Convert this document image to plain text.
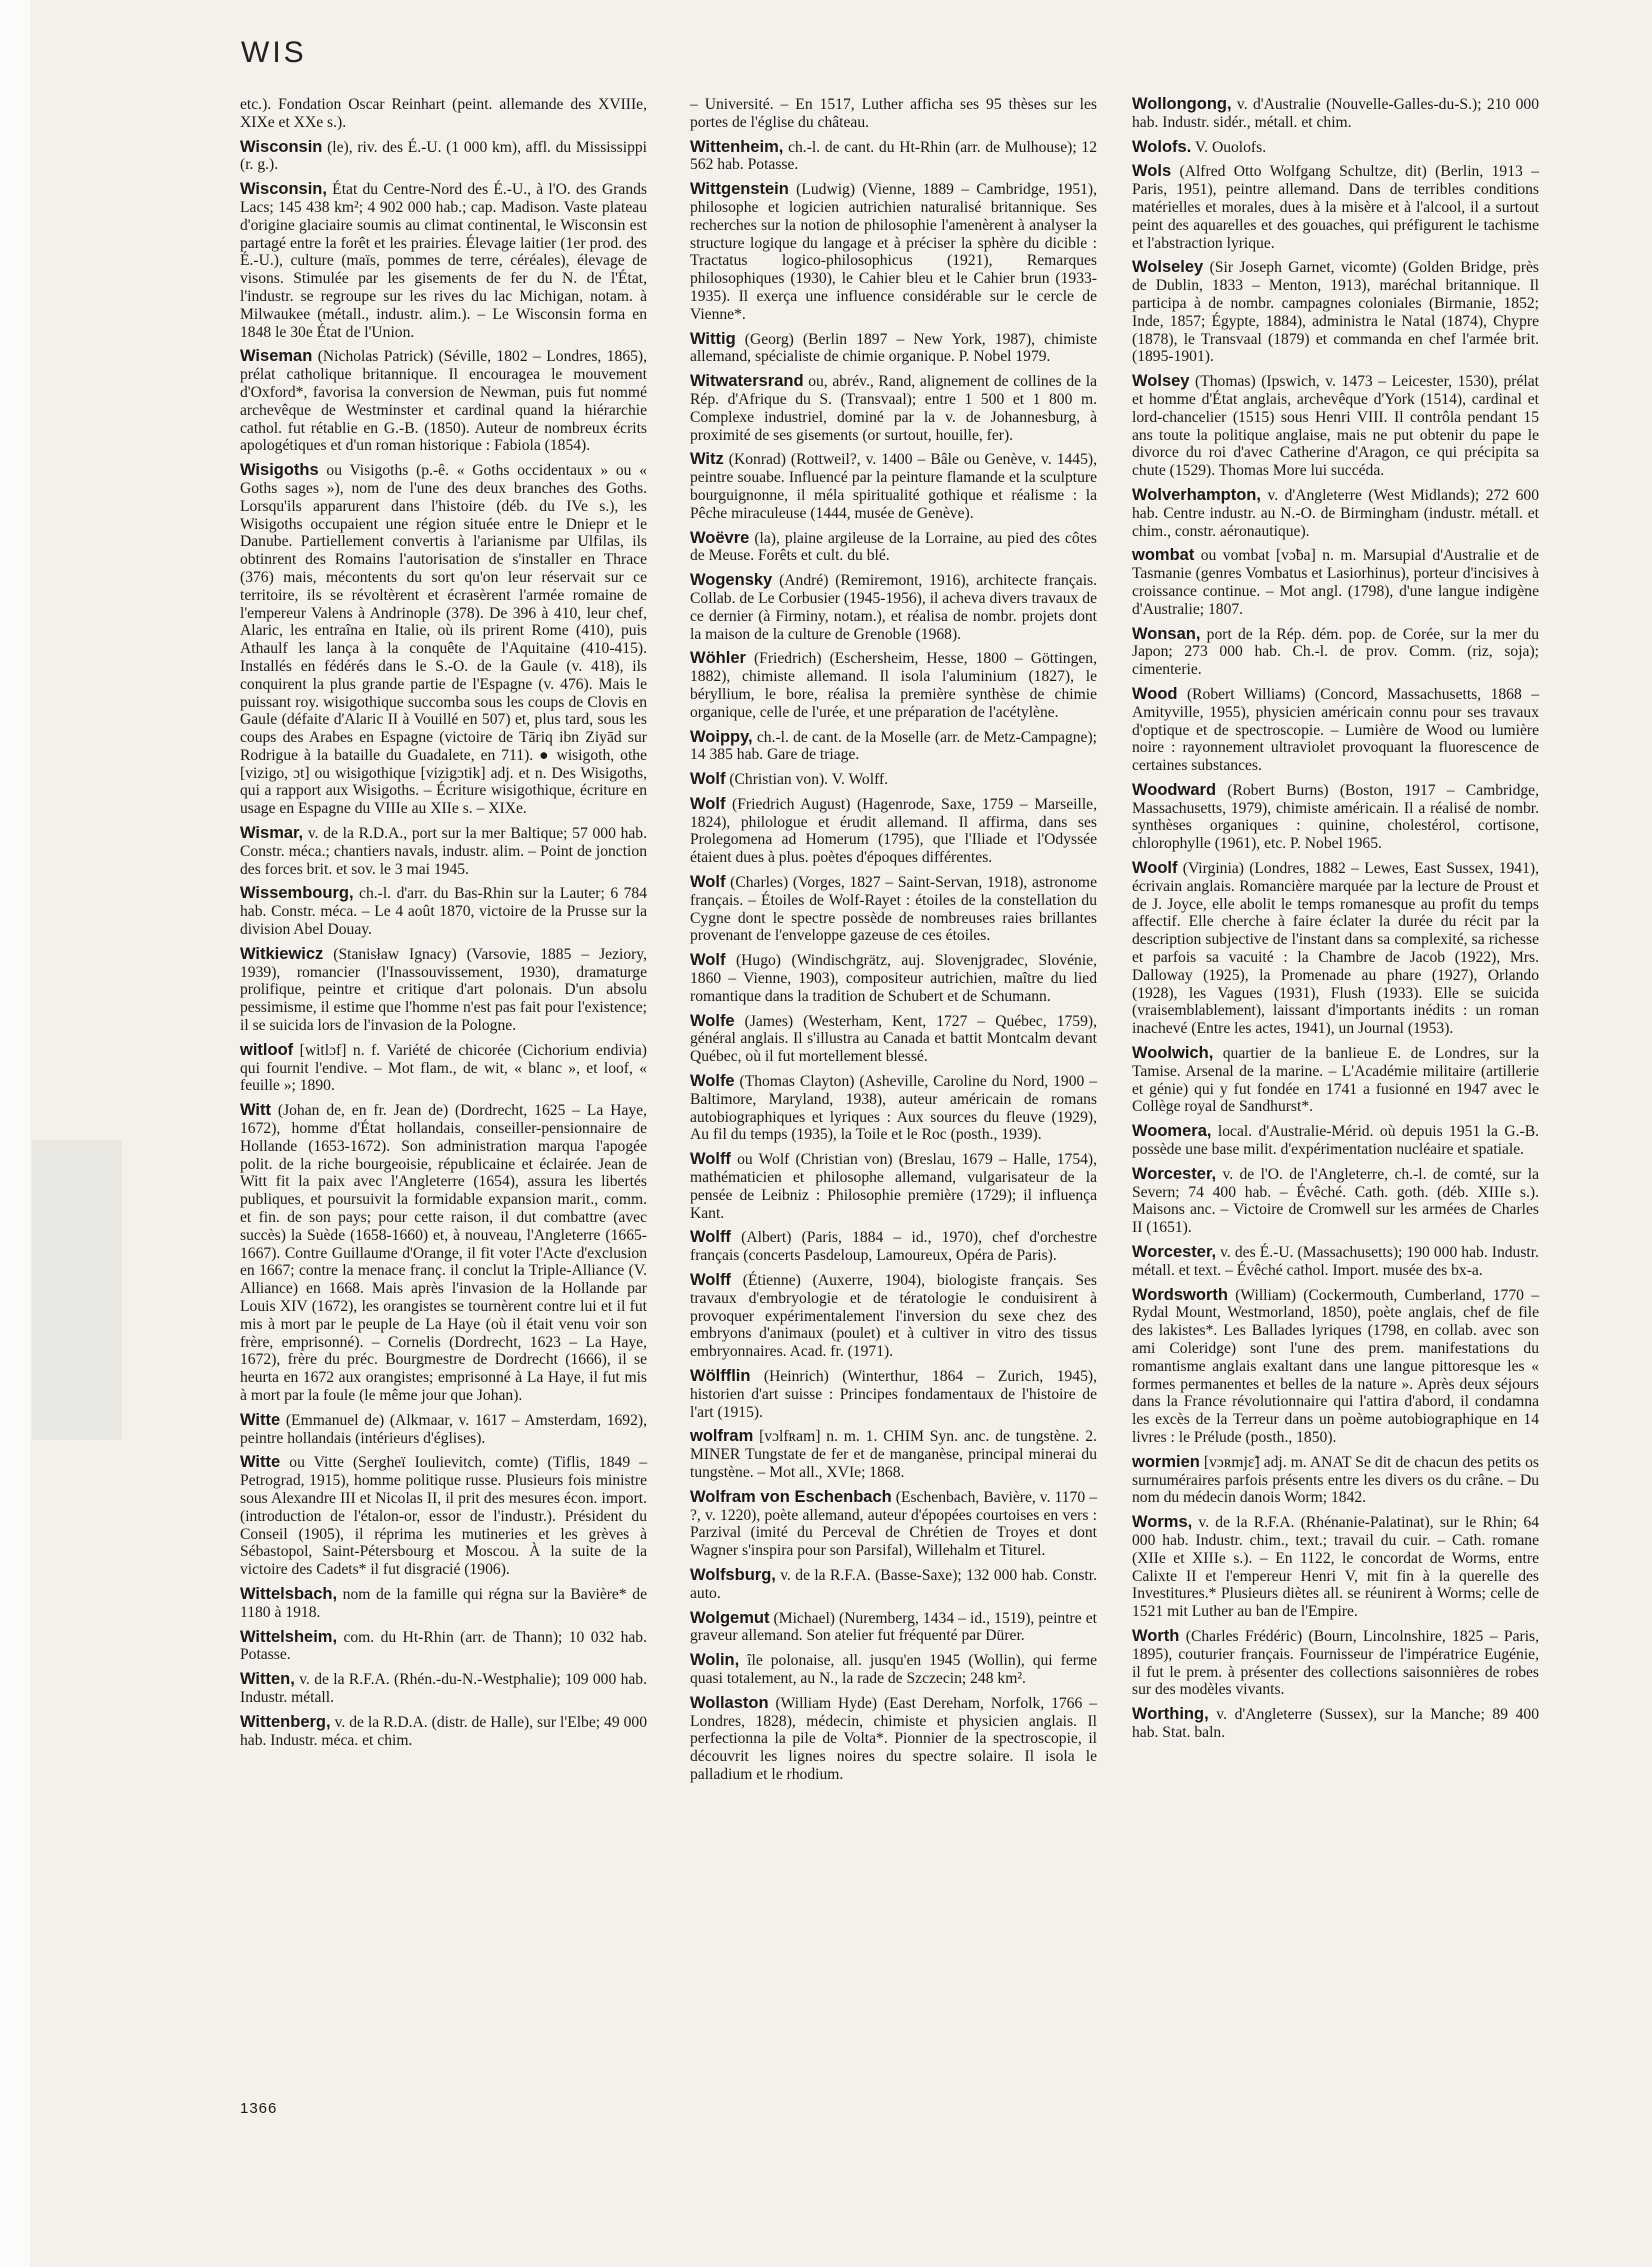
WIS

etc.). Fondation Oscar Reinhart (peint. allemande des XVIIIe, XIXe et XXe s.).

Wisconsin (le), riv. des É.-U. (1 000 km), affl. du Mississippi (r. g.).

Wisconsin, État du Centre-Nord des É.-U., à l'O. des Grands Lacs; 145 438 km²; 4 902 000 hab.; cap. Madison. Vaste plateau d'origine glaciaire soumis au climat continental, le Wisconsin est partagé entre la forêt et les prairies. Élevage laitier (1er prod. des É.-U.), culture (maïs, pommes de terre, céréales), élevage de visons. Stimulée par les gisements de fer du N. de l'État, l'industr. se regroupe sur les rives du lac Michigan, notam. à Milwaukee (métall., industr. alim.). – Le Wisconsin forma en 1848 le 30e État de l'Union.

Wiseman (Nicholas Patrick) (Séville, 1802 – Londres, 1865), prélat catholique britannique. Il encouragea le mouvement d'Oxford*, favorisa la conversion de Newman, puis fut nommé archevêque de Westminster et cardinal quand la hiérarchie cathol. fut rétablie en G.-B. (1850). Auteur de nombreux écrits apologétiques et d'un roman historique : Fabiola (1854).

Wisigoths ou Visigoths (p.-ê. « Goths occidentaux » ou « Goths sages »), nom de l'une des deux branches des Goths. Lorsqu'ils apparurent dans l'histoire (déb. du IVe s.), les Wisigoths occupaient une région située entre le Dniepr et le Danube. Partiellement convertis à l'arianisme par Ulfilas, ils obtinrent des Romains l'autorisation de s'installer en Thrace (376) mais, mécontents du sort qu'on leur réservait sur ce territoire, ils se révoltèrent et écrasèrent l'armée romaine de l'empereur Valens à Andrinople (378). De 396 à 410, leur chef, Alaric, les entraîna en Italie, où ils prirent Rome (410), puis Athaulf les lança à la conquête de l'Aquitaine (410-415). Installés en fédérés dans le S.-O. de la Gaule (v. 418), ils conquirent la plus grande partie de l'Espagne (v. 476). Mais le puissant roy. wisigothique succomba sous les coups de Clovis en Gaule (défaite d'Alaric II à Vouillé en 507) et, plus tard, sous les coups des Arabes en Espagne (victoire de Tāriq ibn Ziyād sur Rodrigue à la bataille du Guadalete, en 711). ● wisigoth, othe [vizigo, ɔt] ou wisigothique [vizigɔtik] adj. et n. Des Wisigoths, qui a rapport aux Wisigoths. – Écriture wisigothique, écriture en usage en Espagne du VIIIe au XIIe s. – XIXe.

Wismar, v. de la R.D.A., port sur la mer Baltique; 57 000 hab. Constr. méca.; chantiers navals, industr. alim. – Point de jonction des forces brit. et sov. le 3 mai 1945.

Wissembourg, ch.-l. d'arr. du Bas-Rhin sur la Lauter; 6 784 hab. Constr. méca. – Le 4 août 1870, victoire de la Prusse sur la division Abel Douay.

Witkiewicz (Stanisław Ignacy) (Varsovie, 1885 – Jeziory, 1939), romancier (l'Inassouvissement, 1930), dramaturge prolifique, peintre et critique d'art polonais. D'un absolu pessimisme, il estime que l'homme n'est pas fait pour l'existence; il se suicida lors de l'invasion de la Pologne.

witloof [witlɔf] n. f. Variété de chicorée (Cichorium endivia) qui fournit l'endive. – Mot flam., de wit, « blanc », et loof, « feuille »; 1890.

Witt (Johan de, en fr. Jean de) (Dordrecht, 1625 – La Haye, 1672), homme d'État hollandais, conseiller-pensionnaire de Hollande (1653-1672). Son administration marqua l'apogée polit. de la riche bourgeoisie, républicaine et éclairée. Jean de Witt fit la paix avec l'Angleterre (1654), assura les libertés publiques, et poursuivit la formidable expansion marit., comm. et fin. de son pays; pour cette raison, il dut combattre (avec succès) la Suède (1658-1660) et, à nouveau, l'Angleterre (1665-1667). Contre Guillaume d'Orange, il fit voter l'Acte d'exclusion en 1667; contre la menace franç. il conclut la Triple-Alliance (V. Alliance) en 1668. Mais après l'invasion de la Hollande par Louis XIV (1672), les orangistes se tournèrent contre lui et il fut mis à mort par le peuple de La Haye (où il était venu voir son frère, emprisonné). – Cornelis (Dordrecht, 1623 – La Haye, 1672), frère du préc. Bourgmestre de Dordrecht (1666), il se heurta en 1672 aux orangistes; emprisonné à La Haye, il fut mis à mort par la foule (le même jour que Johan).

Witte (Emmanuel de) (Alkmaar, v. 1617 – Amsterdam, 1692), peintre hollandais (intérieurs d'églises).

Witte ou Vitte (Sergheï Ioulievitch, comte) (Tiflis, 1849 – Petrograd, 1915), homme politique russe. Plusieurs fois ministre sous Alexandre III et Nicolas II, il prit des mesures écon. import. (introduction de l'étalon-or, essor de l'industr.). Président du Conseil (1905), il réprima les mutineries et les grèves à Sébastopol, Saint-Pétersbourg et Moscou. À la suite de la victoire des Cadets* il fut disgracié (1906).

Wittelsbach, nom de la famille qui régna sur la Bavière* de 1180 à 1918.

Wittelsheim, com. du Ht-Rhin (arr. de Thann); 10 032 hab. Potasse.

Witten, v. de la R.F.A. (Rhén.-du-N.-Westphalie); 109 000 hab. Industr. métall.

Wittenberg, v. de la R.D.A. (distr. de Halle), sur l'Elbe; 49 000 hab. Industr. méca. et chim.

– Université. – En 1517, Luther afficha ses 95 thèses sur les portes de l'église du château.

Wittenheim, ch.-l. de cant. du Ht-Rhin (arr. de Mulhouse); 12 562 hab. Potasse.

Wittgenstein (Ludwig) (Vienne, 1889 – Cambridge, 1951), philosophe et logicien autrichien naturalisé britannique. Ses recherches sur la notion de philosophie l'amenèrent à analyser la structure logique du langage et à préciser la sphère du dicible : Tractatus logico-philosophicus (1921), Remarques philosophiques (1930), le Cahier bleu et le Cahier brun (1933-1935). Il exerça une influence considérable sur le cercle de Vienne*.

Wittig (Georg) (Berlin 1897 – New York, 1987), chimiste allemand, spécialiste de chimie organique. P. Nobel 1979.

Witwatersrand ou, abrév., Rand, alignement de collines de la Rép. d'Afrique du S. (Transvaal); entre 1 500 et 1 800 m. Complexe industriel, dominé par la v. de Johannesburg, à proximité de ses gisements (or surtout, houille, fer).

Witz (Konrad) (Rottweil?, v. 1400 – Bâle ou Genève, v. 1445), peintre souabe. Influencé par la peinture flamande et la sculpture bourguignonne, il méla spiritualité gothique et réalisme : la Pêche miraculeuse (1444, musée de Genève).

Woëvre (la), plaine argileuse de la Lorraine, au pied des côtes de Meuse. Forêts et cult. du blé.

Wogensky (André) (Remiremont, 1916), architecte français. Collab. de Le Corbusier (1945-1956), il acheva divers travaux de ce dernier (à Firminy, notam.), et réalisa de nombr. projets dont la maison de la culture de Grenoble (1968).

Wöhler (Friedrich) (Eschersheim, Hesse, 1800 – Göttingen, 1882), chimiste allemand. Il isola l'aluminium (1827), le béryllium, le bore, réalisa la première synthèse de chimie organique, celle de l'urée, et une préparation de l'acétylène.

Woippy, ch.-l. de cant. de la Moselle (arr. de Metz-Campagne); 14 385 hab. Gare de triage.

Wolf (Christian von). V. Wolff.

Wolf (Friedrich August) (Hagenrode, Saxe, 1759 – Marseille, 1824), philologue et érudit allemand. Il affirma, dans ses Prolegomena ad Homerum (1795), que l'Iliade et l'Odyssée étaient dues à plus. poètes d'époques différentes.

Wolf (Charles) (Vorges, 1827 – Saint-Servan, 1918), astronome français. – Étoiles de Wolf-Rayet : étoiles de la constellation du Cygne dont le spectre possède de nombreuses raies brillantes provenant de l'enveloppe gazeuse de ces étoiles.

Wolf (Hugo) (Windischgrätz, auj. Slovenjgradec, Slovénie, 1860 – Vienne, 1903), compositeur autrichien, maître du lied romantique dans la tradition de Schubert et de Schumann.

Wolfe (James) (Westerham, Kent, 1727 – Québec, 1759), général anglais. Il s'illustra au Canada et battit Montcalm devant Québec, où il fut mortellement blessé.

Wolfe (Thomas Clayton) (Asheville, Caroline du Nord, 1900 – Baltimore, Maryland, 1938), auteur américain de romans autobiographiques et lyriques : Aux sources du fleuve (1929), Au fil du temps (1935), la Toile et le Roc (posth., 1939).

Wolff ou Wolf (Christian von) (Breslau, 1679 – Halle, 1754), mathématicien et philosophe allemand, vulgarisateur de la pensée de Leibniz : Philosophie première (1729); il influença Kant.

Wolff (Albert) (Paris, 1884 – id., 1970), chef d'orchestre français (concerts Pasdeloup, Lamoureux, Opéra de Paris).

Wolff (Étienne) (Auxerre, 1904), biologiste français. Ses travaux d'embryologie et de tératologie le conduisirent à provoquer expérimentalement l'inversion du sexe chez des embryons d'animaux (poulet) et à cultiver in vitro des tissus embryonnaires. Acad. fr. (1971).

Wölfflin (Heinrich) (Winterthur, 1864 – Zurich, 1945), historien d'art suisse : Principes fondamentaux de l'histoire de l'art (1915).

wolfram [vɔlfʀam] n. m. 1. CHIM Syn. anc. de tungstène. 2. MINER Tungstate de fer et de manganèse, principal minerai du tungstène. – Mot all., XVIe; 1868.

Wolfram von Eschenbach (Eschenbach, Bavière, v. 1170 – ?, v. 1220), poète allemand, auteur d'épopées courtoises en vers : Parzival (imité du Perceval de Chrétien de Troyes et dont Wagner s'inspira pour son Parsifal), Willehalm et Titurel.

Wolfsburg, v. de la R.F.A. (Basse-Saxe); 132 000 hab. Constr. auto.

Wolgemut (Michael) (Nuremberg, 1434 – id., 1519), peintre et graveur allemand. Son atelier fut fréquenté par Dürer.

Wolin, île polonaise, all. jusqu'en 1945 (Wollin), qui ferme quasi totalement, au N., la rade de Szczecin; 248 km².

Wollaston (William Hyde) (East Dereham, Norfolk, 1766 – Londres, 1828), médecin, chimiste et physicien anglais. Il perfectionna la pile de Volta*. Pionnier de la spectroscopie, il découvrit les lignes noires du spectre solaire. Il isola le palladium et le rhodium.

Wollongong, v. d'Australie (Nouvelle-Galles-du-S.); 210 000 hab. Industr. sidér., métall. et chim.

Wolofs. V. Ouolofs.

Wols (Alfred Otto Wolfgang Schultze, dit) (Berlin, 1913 – Paris, 1951), peintre allemand. Dans de terribles conditions matérielles et morales, dues à la misère et à l'alcool, il a surtout peint des aquarelles et des gouaches, qui préfigurent le tachisme et l'abstraction lyrique.

Wolseley (Sir Joseph Garnet, vicomte) (Golden Bridge, près de Dublin, 1833 – Menton, 1913), maréchal britannique. Il participa à de nombr. campagnes coloniales (Birmanie, 1852; Inde, 1857; Égypte, 1884), administra le Natal (1874), Chypre (1878), le Transvaal (1879) et commanda en chef l'armée brit. (1895-1901).

Wolsey (Thomas) (Ipswich, v. 1473 – Leicester, 1530), prélat et homme d'État anglais, archevêque d'York (1514), cardinal et lord-chancelier (1515) sous Henri VIII. Il contrôla pendant 15 ans toute la politique anglaise, mais ne put obtenir du pape le divorce du roi d'avec Catherine d'Aragon, ce qui précipita sa chute (1529). Thomas More lui succéda.

Wolverhampton, v. d'Angleterre (West Midlands); 272 600 hab. Centre industr. au N.-O. de Birmingham (industr. métall. et chim., constr. aéronautique).

wombat ou vombat [vɔ̃ba] n. m. Marsupial d'Australie et de Tasmanie (genres Vombatus et Lasiorhinus), porteur d'incisives à croissance continue. – Mot angl. (1798), d'une langue indigène d'Australie; 1807.

Wonsan, port de la Rép. dém. pop. de Corée, sur la mer du Japon; 273 000 hab. Ch.-l. de prov. Comm. (riz, soja); cimenterie.

Wood (Robert Williams) (Concord, Massachusetts, 1868 – Amityville, 1955), physicien américain connu pour ses travaux d'optique et de spectroscopie. – Lumière de Wood ou lumière noire : rayonnement ultraviolet provoquant la fluorescence de certaines substances.

Woodward (Robert Burns) (Boston, 1917 – Cambridge, Massachusetts, 1979), chimiste américain. Il a réalisé de nombr. synthèses organiques : quinine, cholestérol, cortisone, chlorophylle (1961), etc. P. Nobel 1965.

Woolf (Virginia) (Londres, 1882 – Lewes, East Sussex, 1941), écrivain anglais. Romancière marquée par la lecture de Proust et de J. Joyce, elle abolit le temps romanesque au profit du temps affectif. Elle cherche à faire éclater la durée du récit par la description subjective de l'instant dans sa complexité, sa richesse et parfois sa vacuité : la Chambre de Jacob (1922), Mrs. Dalloway (1925), la Promenade au phare (1927), Orlando (1928), les Vagues (1931), Flush (1933). Elle se suicida (vraisemblablement), laissant d'importants inédits : un roman inachevé (Entre les actes, 1941), un Journal (1953).

Woolwich, quartier de la banlieue E. de Londres, sur la Tamise. Arsenal de la marine. – L'Académie militaire (artillerie et génie) qui y fut fondée en 1741 a fusionné en 1947 avec le Collège royal de Sandhurst*.

Woomera, local. d'Australie-Mérid. où depuis 1951 la G.-B. possède une base milit. d'expérimentation nucléaire et spatiale.

Worcester, v. de l'O. de l'Angleterre, ch.-l. de comté, sur la Severn; 74 400 hab. – Évêché. Cath. goth. (déb. XIIIe s.). Maisons anc. – Victoire de Cromwell sur les armées de Charles II (1651).

Worcester, v. des É.-U. (Massachusetts); 190 000 hab. Industr. métall. et text. – Évêché cathol. Import. musée des bx-a.

Wordsworth (William) (Cockermouth, Cumberland, 1770 – Rydal Mount, Westmorland, 1850), poète anglais, chef de file des lakistes*. Les Ballades lyriques (1798, en collab. avec son ami Coleridge) sont l'une des prem. manifestations du romantisme anglais exaltant dans une langue pittoresque les « formes permanentes et belles de la nature ». Après deux séjours dans la France révolutionnaire qui l'attira d'abord, il condamna les excès de la Terreur dans un poème autobiographique en 14 livres : le Prélude (posth., 1850).

wormien [vɔʀmjɛ̃] adj. m. ANAT Se dit de chacun des petits os surnuméraires parfois présents entre les divers os du crâne. – Du nom du médecin danois Worm; 1842.

Worms, v. de la R.F.A. (Rhénanie-Palatinat), sur le Rhin; 64 000 hab. Industr. chim., text.; travail du cuir. – Cath. romane (XIIe et XIIIe s.). – En 1122, le concordat de Worms, entre Calixte II et l'empereur Henri V, mit fin à la querelle des Investitures.* Plusieurs diètes all. se réunirent à Worms; celle de 1521 mit Luther au ban de l'Empire.

Worth (Charles Frédéric) (Bourn, Lincolnshire, 1825 – Paris, 1895), couturier français. Fournisseur de l'impératrice Eugénie, il fut le prem. à présenter des collections saisonnières de robes sur des modèles vivants.

Worthing, v. d'Angleterre (Sussex), sur la Manche; 89 400 hab. Stat. baln.

1366
